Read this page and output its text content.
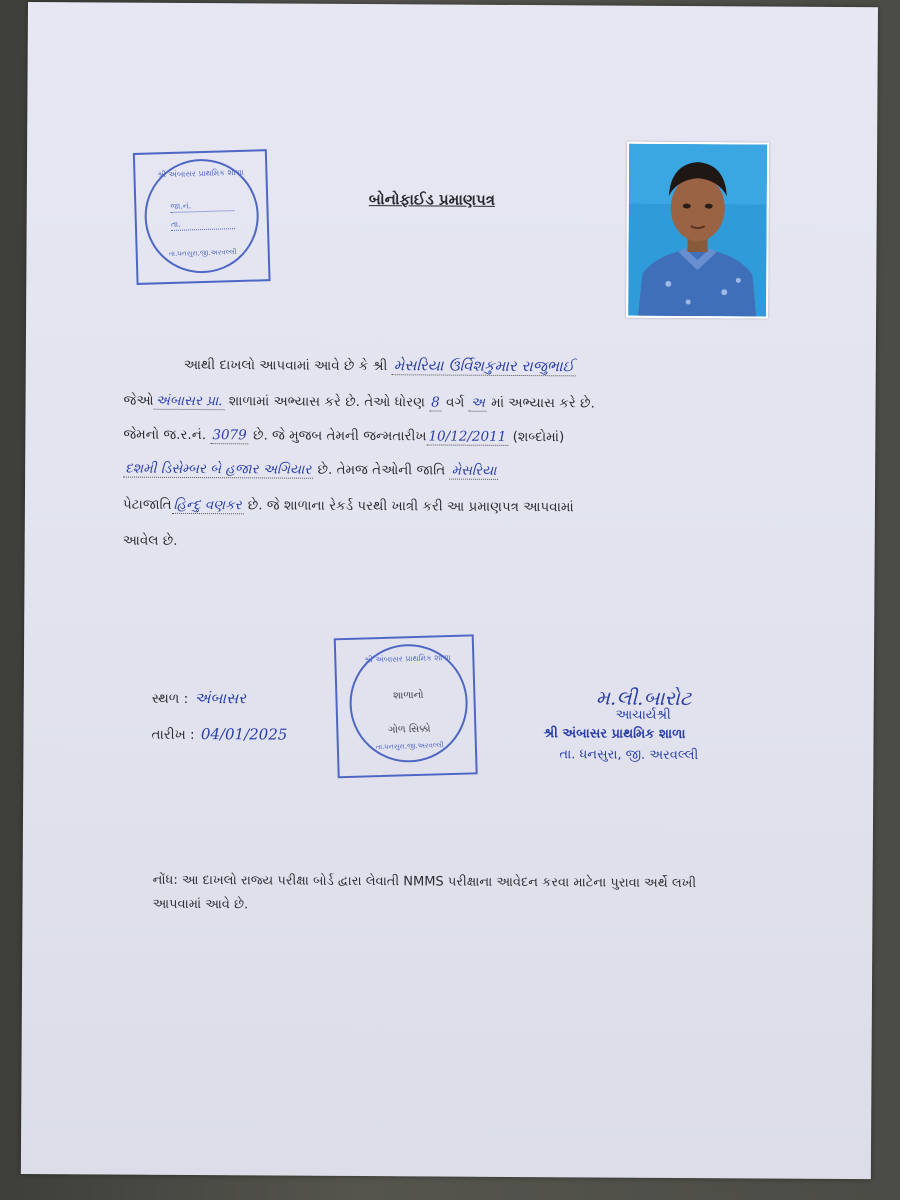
શ્રી અંબાસર પ્રાથમિક શાળા
જા.નં.
તા.
તા.ધનસુરા,જી.અરવલ્લી
બોનોફાઈડ પ્રમાણપત્ર
આથી દાખલો આપવામાં આવે છે કે શ્રી મેસરિયા ઉર્વિશકુમાર રાજુભાઈ
જેઓ અંબાસર પ્રા. શાળામાં અભ્યાસ કરે છે. તેઓ ધોરણ 8 વર્ગ અ માં અભ્યાસ કરે છે.
જેમનો જ.ર.નં. 3079 છે. જે મુજબ તેમની જન્મતારીખ 10/12/2011 (શબ્દોમાં)
દશમી ડિસેમ્બર બે હજાર અગિયાર છે. તેમજ તેઓની જાતિ મેસરિયા
પેટાજાતિ હિન્દુ વણકર છે. જે શાળાના રેકર્ડ પરથી ખાત્રી કરી આ પ્રમાણપત્ર આપવામાં
આવેલ છે.
સ્થળ : અંબાસર
તારીખ : 04/01/2025
શ્રી અંબાસર પ્રાથમિક શાળા
શાળાનો
ગોળ સિક્કો
તા.ધનસુરા,જી.અરવલ્લી
મ.લી.બારોટ
આચાર્યશ્રી
શ્રી અંબાસર પ્રાથમિક શાળા
તા. ધનસુરા, જી. અરવલ્લી
નોંધ: આ દાખલો રાજ્ય પરીક્ષા બોર્ડ દ્વારા લેવાતી NMMS પરીક્ષાના આવેદન કરવા માટેના પુરાવા અર્થે લખી
આપવામાં આવે છે.
